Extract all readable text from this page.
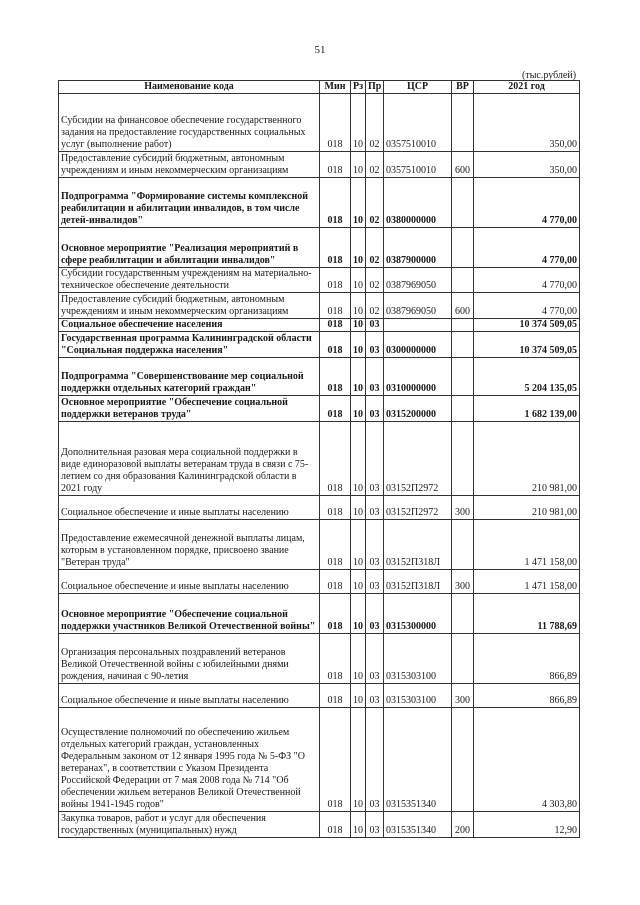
51
(тыс.рублей)
Наименование кода	Мин	Рз	Пр	ЦСР	ВР	2021 год
Субсидии на финансовое обеспечение государственного задания на предоставление государственных социальных услуг (выполнение работ)	018	10	02	0357510010		350,00
Предоставление субсидий бюджетным, автономным учреждениям и иным некоммерческим организациям	018	10	02	0357510010	600	350,00
Подпрограмма "Формирование системы комплексной реабилитации и абилитации инвалидов, в том числе детей-инвалидов"	018	10	02	0380000000		4 770,00
Основное мероприятие "Реализация мероприятий в сфере реабилитации и абилитации инвалидов"	018	10	02	0387900000		4 770,00
Субсидии государственным учреждениям на материально-техническое обеспечение деятельности	018	10	02	0387969050		4 770,00
Предоставление субсидий бюджетным, автономным учреждениям и иным некоммерческим организациям	018	10	02	0387969050	600	4 770,00
Социальное обеспечение населения	018	10	03			10 374 509,05
Государственная программа Калининградской области "Социальная поддержка населения"	018	10	03	0300000000		10 374 509,05
Подпрограмма "Совершенствование мер социальной поддержки отдельных категорий граждан"	018	10	03	0310000000		5 204 135,05
Основное мероприятие "Обеспечение социальной поддержки ветеранов труда"	018	10	03	0315200000		1 682 139,00
Дополнительная разовая мера социальной поддержки в виде единоразовой выплаты ветеранам труда в связи с 75-летием со дня образования Калининградской области в 2021 году	018	10	03	03152П2972		210 981,00
Социальное обеспечение и иные выплаты населению	018	10	03	03152П2972	300	210 981,00
Предоставление ежемесячной денежной выплаты лицам, которым в установленном порядке, присвоено звание "Ветеран труда"	018	10	03	03152П318Л		1 471 158,00
Социальное обеспечение и иные выплаты населению	018	10	03	03152П318Л	300	1 471 158,00
Основное мероприятие "Обеспечение социальной поддержки участников Великой Отечественной войны"	018	10	03	0315300000		11 788,69
Организация персональных поздравлений ветеранов Великой Отечественной войны с юбилейными днями рождения, начиная с 90-летия	018	10	03	0315303100		866,89
Социальное обеспечение и иные выплаты населению	018	10	03	0315303100	300	866,89
Осуществление полномочий по обеспечению жильем отдельных категорий граждан, установленных Федеральным законом от 12 января 1995 года № 5-ФЗ "О ветеранах", в соответствии с Указом Президента Российской Федерации от 7 мая 2008 года № 714 "Об обеспечении жильем ветеранов Великой Отечественной войны 1941-1945 годов"	018	10	03	0315351340		4 303,80
Закупка товаров, работ и услуг для обеспечения государственных (муниципальных) нужд	018	10	03	0315351340	200	12,90
